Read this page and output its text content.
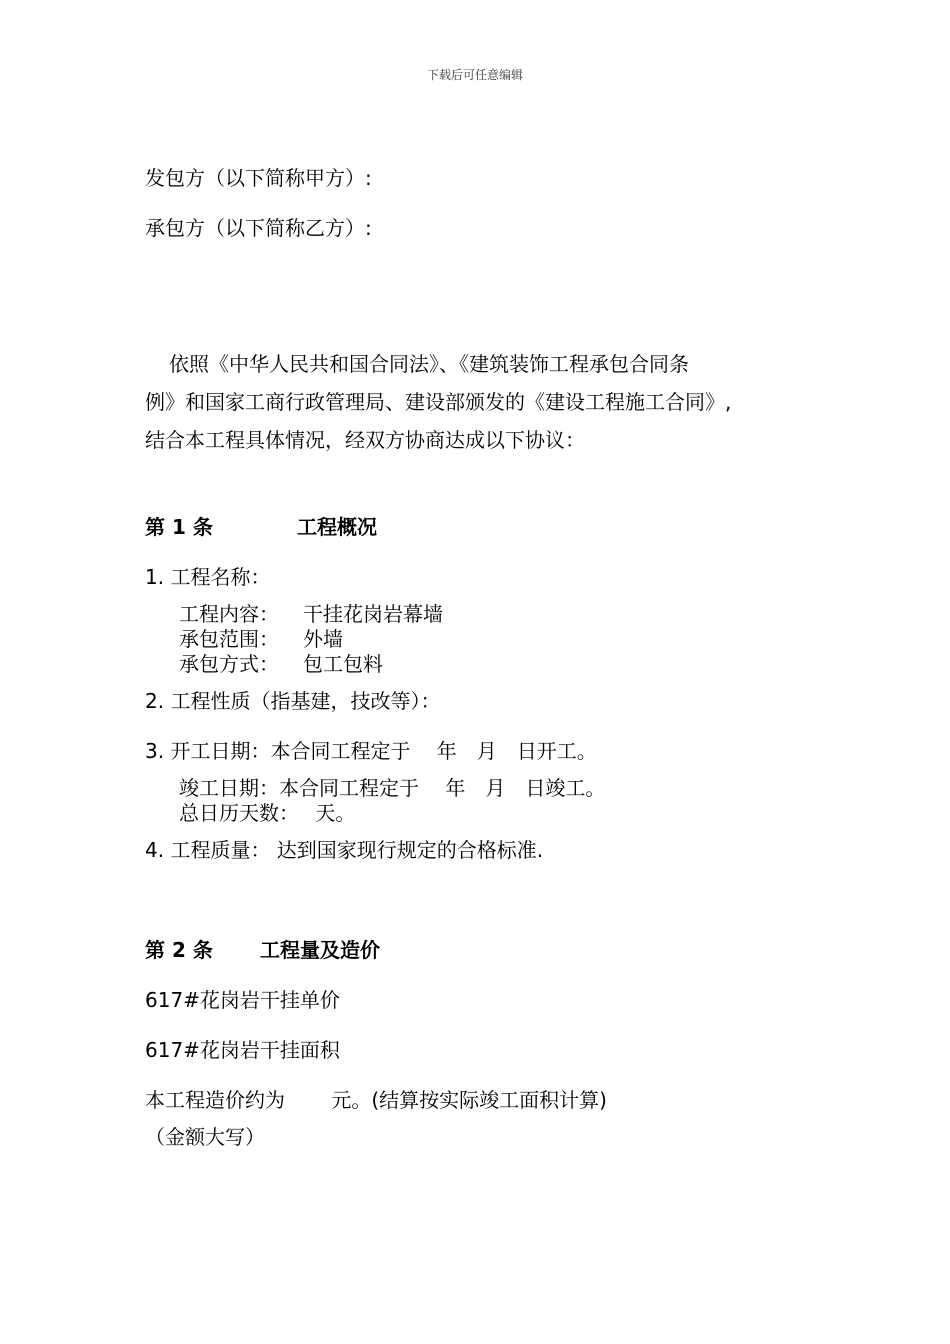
下载后可任意编辑
发包方（以下简称甲方）:
承包方（以下简称乙方）:
依照《中华人民共和国合同法》、《建筑装饰工程承包合同条
例》和国家工商行政管理局、建设部颁发的《建设工程施工合同》,
结合本工程具体情况，经双方协商达成以下协议：
第 1 条	工程概况
1. 工程名称：
工程内容： 干挂花岗岩幕墙
承包范围： 外墙
承包方式： 包工包料
2. 工程性质（指基建，技改等）：
3. 开工日期：本合同工程定于　 年　月　日开工。
竣工日期：本合同工程定于　 年　月　日竣工。
总日历天数：　 天。
4. 工程质量： 达到国家现行规定的合格标准.
第 2 条 工程量及造价
617#花岗岩干挂单价
617#花岗岩干挂面积
本工程造价约为　　 元。(结算按实际竣工面积计算)
（金额大写）
